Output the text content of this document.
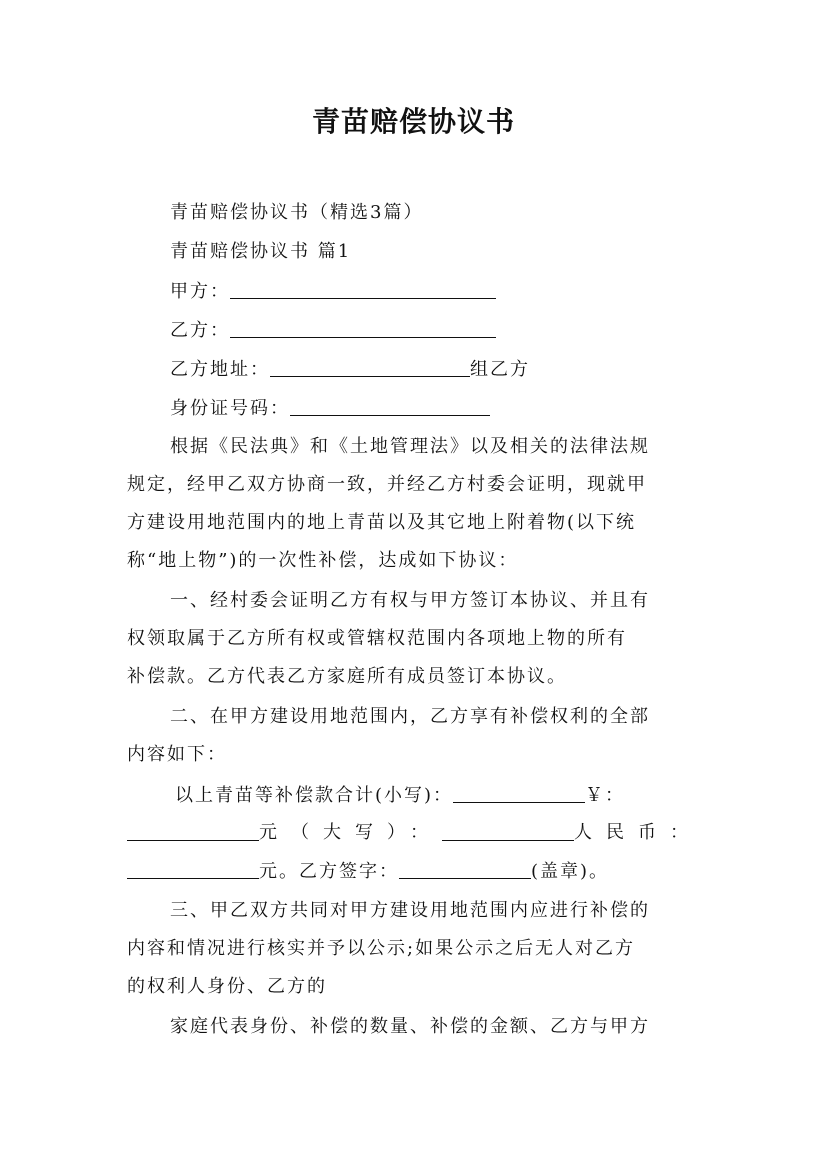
青苗赔偿协议书
青苗赔偿协议书（精选3篇）
青苗赔偿协议书 篇1
甲方：
乙方：
乙方地址：	组乙方
身份证号码：
根据《民法典》和《土地管理法》以及相关的法律法规
规定，经甲乙双方协商一致，并经乙方村委会证明，现就甲
方建设用地范围内的地上青苗以及其它地上附着物(以下统
称“地上物”)的一次性补偿，达成如下协议：
一、经村委会证明乙方有权与甲方签订本协议、并且有
权领取属于乙方所有权或管辖权范围内各项地上物的所有
补偿款。乙方代表乙方家庭所有成员签订本协议。
二、在甲方建设用地范围内，乙方享有补偿权利的全部
内容如下：
以上青苗等补偿款合计(小写)：	￥：
元（大写）：	人民币：
元。乙方签字：	(盖章)。
三、甲乙双方共同对甲方建设用地范围内应进行补偿的
内容和情况进行核实并予以公示;如果公示之后无人对乙方
的权利人身份、乙方的
家庭代表身份、补偿的数量、补偿的金额、乙方与甲方
